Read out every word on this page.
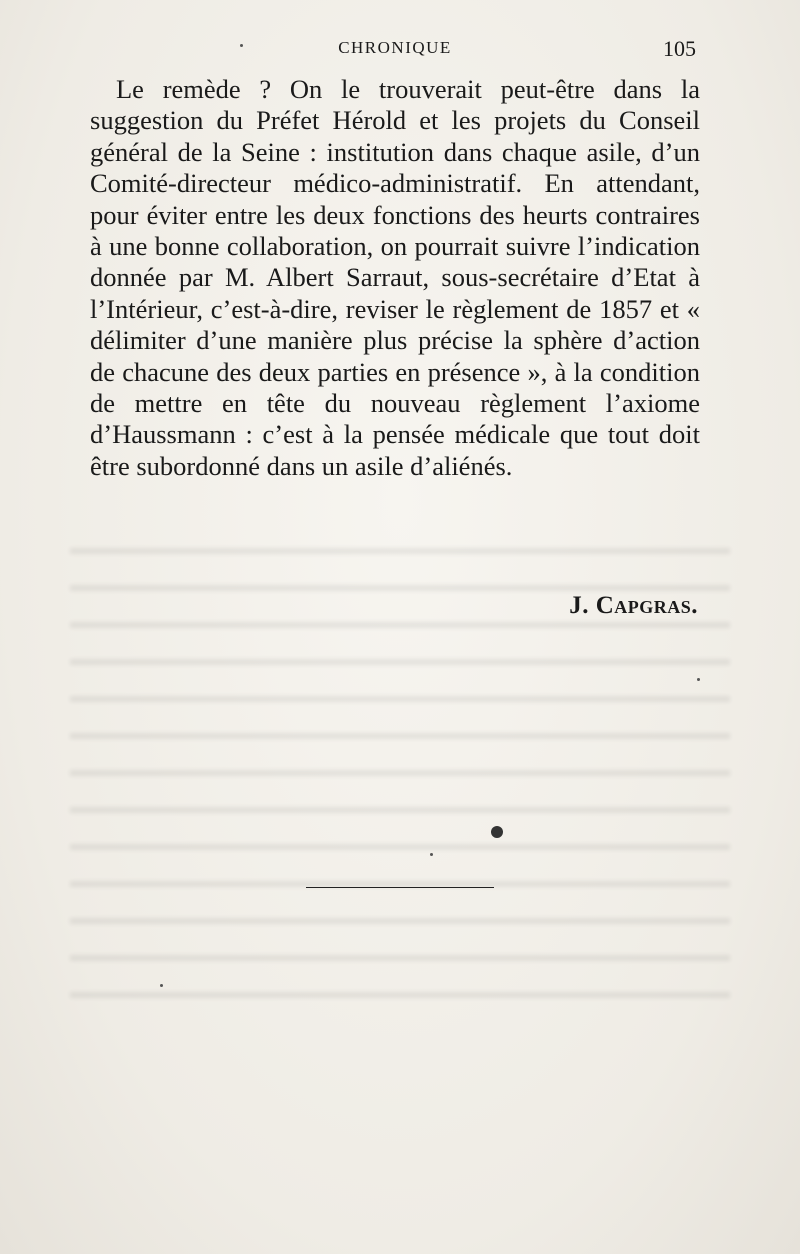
CHRONIQUE	105

Le remède ? On le trouverait peut-être dans la suggestion du Préfet Hérold et les projets du Conseil général de la Seine : institution dans chaque asile, d’un Comité-directeur médico-administratif. En attendant, pour éviter entre les deux fonctions des heurts contraires à une bonne collaboration, on pourrait suivre l’indication donnée par M. Albert Sarraut, sous-secrétaire d’Etat à l’Intérieur, c’est-à-dire, reviser le règlement de 1857 et « délimiter d’une manière plus précise la sphère d’action de chacune des deux parties en présence », à la condition de mettre en tête du nouveau règlement l’axiome d’Haussmann : c’est à la pensée médicale que tout doit être subordonné dans un asile d’aliénés.

J. Capgras.
